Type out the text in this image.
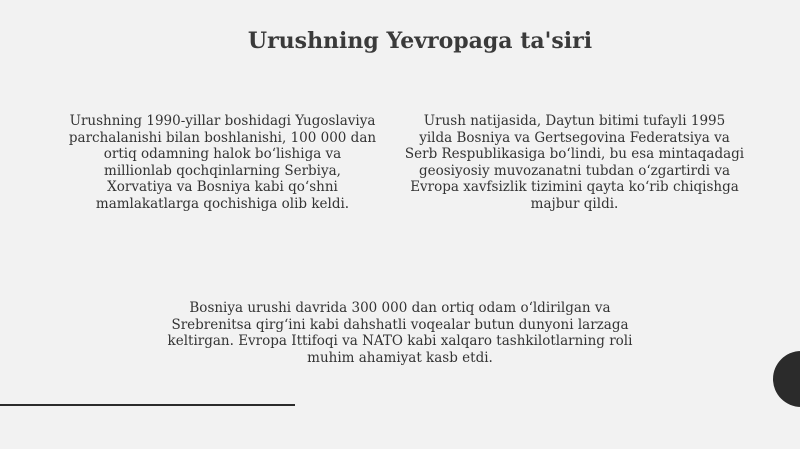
Urushning Yevropaga ta'siri
Urushning 1990-yillar boshidagi Yugoslaviya
parchalanishi bilan boshlanishi, 100 000 dan
ortiq odamning halok bo‘lishiga va
millionlab qochqinlarning Serbiya,
Xorvatiya va Bosniya kabi qo‘shni
mamlakatlarga qochishiga olib keldi.
Urush natijasida, Daytun bitimi tufayli 1995
yilda Bosniya va Gertsegovina Federatsiya va
Serb Respublikasiga bo‘lindi, bu esa mintaqadagi
geosiyosiy muvozanatni tubdan o‘zgartirdi va
Evropa xavfsizlik tizimini qayta ko‘rib chiqishga
majbur qildi.
Bosniya urushi davrida 300 000 dan ortiq odam o‘ldirilgan va
Srebrenitsa qirg‘ini kabi dahshatli voqealar butun dunyoni larzaga
keltirgan. Evropa Ittifoqi va NATO kabi xalqaro tashkilotlarning roli
muhim ahamiyat kasb etdi.
